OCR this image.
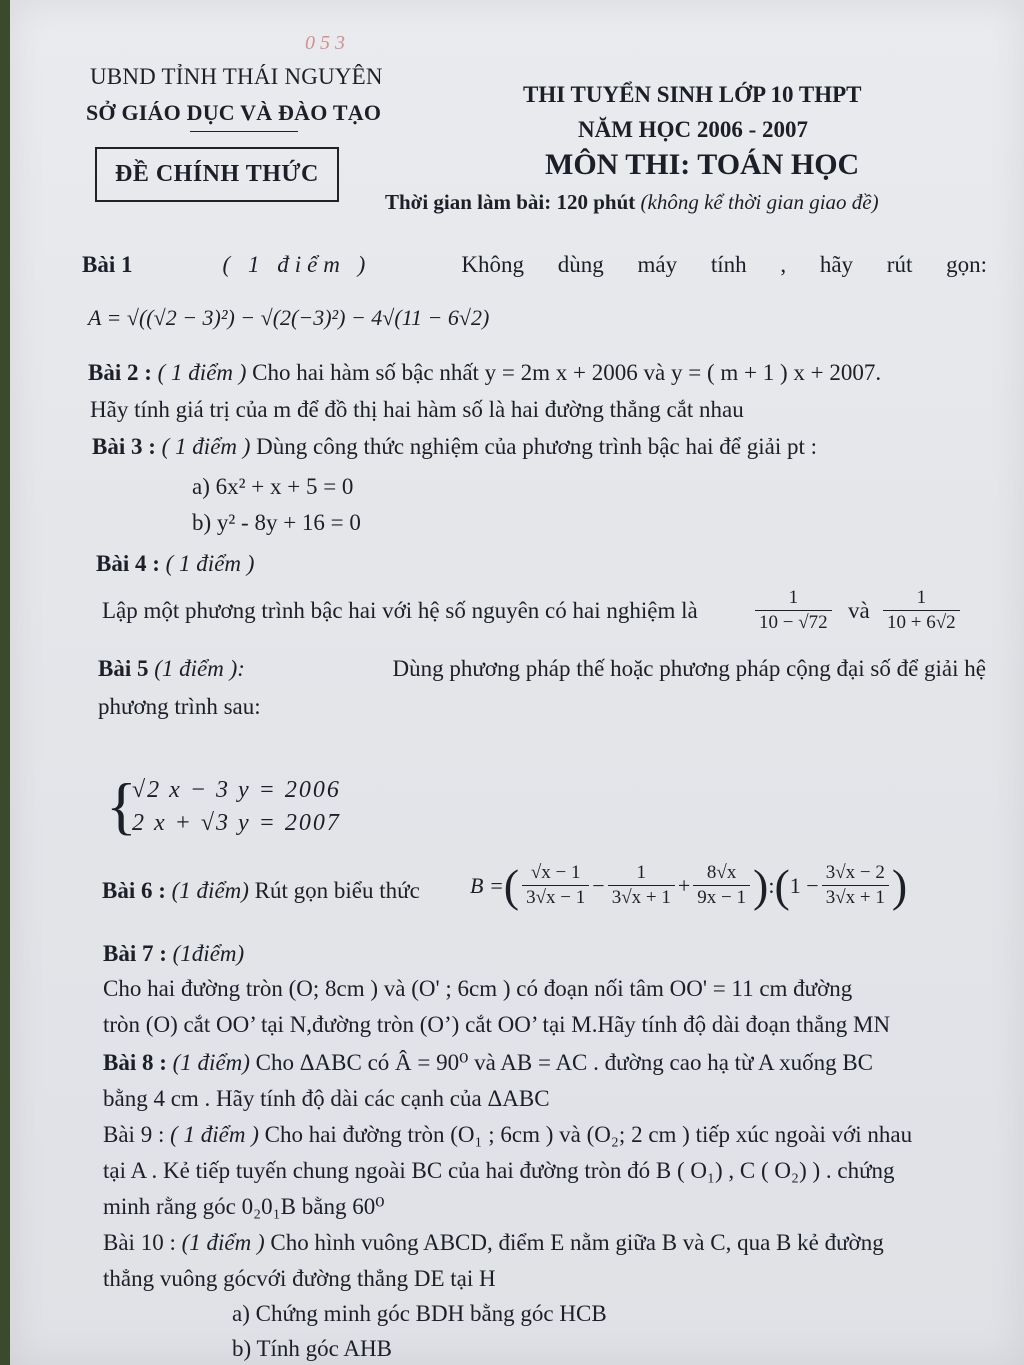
UBND TỈNH THÁI NGUYÊN
SỞ GIÁO DỤC VÀ ĐÀO TẠO
0 5 3
ĐỀ CHÍNH THỨC
THI TUYỂN SINH LỚP 10 THPT
NĂM HỌC 2006 - 2007
MÔN THI: TOÁN HỌC
Thời gian làm bài: 120 phút (không kể thời gian giao đề)
Bài 1	( 1 điểm )	Không dùng máy tính , hãy rút gọn:
A = √((√2 − 3)²) − √(2(−3)²) − 4√(11 − 6√2)
Bài 2 : ( 1 điểm ) Cho hai hàm số bậc nhất y = 2m x + 2006 và y = ( m + 1 ) x + 2007.
Hãy tính giá trị của m để đồ thị hai hàm số là hai đường thẳng cắt nhau
Bài 3 : ( 1 điểm ) Dùng công thức nghiệm của phương trình bậc hai để giải pt :
a) 6x² + x + 5 = 0
b) y² - 8y + 16 = 0
Bài 4 : ( 1 điểm )
Lập một phương trình bậc hai với hệ số nguyên có hai nghiệm là	$\frac{1}{10 - √72}$ và $\frac{1}{10 + 6√2}$
Bài 5 (1 điểm ):	Dùng phương pháp thế hoặc phương pháp cộng đại số để giải hệ
phương trình sau:
{
√2 x − 3 y = 2006
2 x + √3 y = 2007
Bài 6 : (1 điểm) Rút gọn biểu thức B = ( $\frac{√x - 1}{3√x - 1} - \frac{1}{3√x + 1} + \frac{8√x}{9x - 1}$ ) : ( $1 - \frac{3√x - 2}{3√x + 1}$ )
Bài 7 : (1điểm)
Cho hai đường tròn (O; 8cm ) và (O' ; 6cm ) có đoạn nối tâm OO' = 11 cm đường
tròn (O) cắt OO’ tại N,đường tròn (O’) cắt OO’ tại M.Hãy tính độ dài đoạn thẳng MN
Bài 8 : (1 điểm) Cho ΔABC có Â = 90⁰ và AB = AC . đường cao hạ từ A xuống BC
bằng 4 cm . Hãy tính độ dài các cạnh của ΔABC
Bài 9 : ( 1 điểm ) Cho hai đường tròn (O₁ ; 6cm ) và (O₂; 2 cm ) tiếp xúc ngoài với nhau
tại A . Kẻ tiếp tuyến chung ngoài BC của hai đường tròn đó B ( O₁) , C ( O₂) ) . chứng
minh rằng góc 0₂0₁B bằng 60⁰
Bài 10 : (1 điểm ) Cho hình vuông ABCD, điểm E nằm giữa B và C, qua B kẻ đường
thẳng vuông gócvới đường thẳng DE tại H
a) Chứng minh góc BDH bằng góc HCB
b) Tính góc AHB
